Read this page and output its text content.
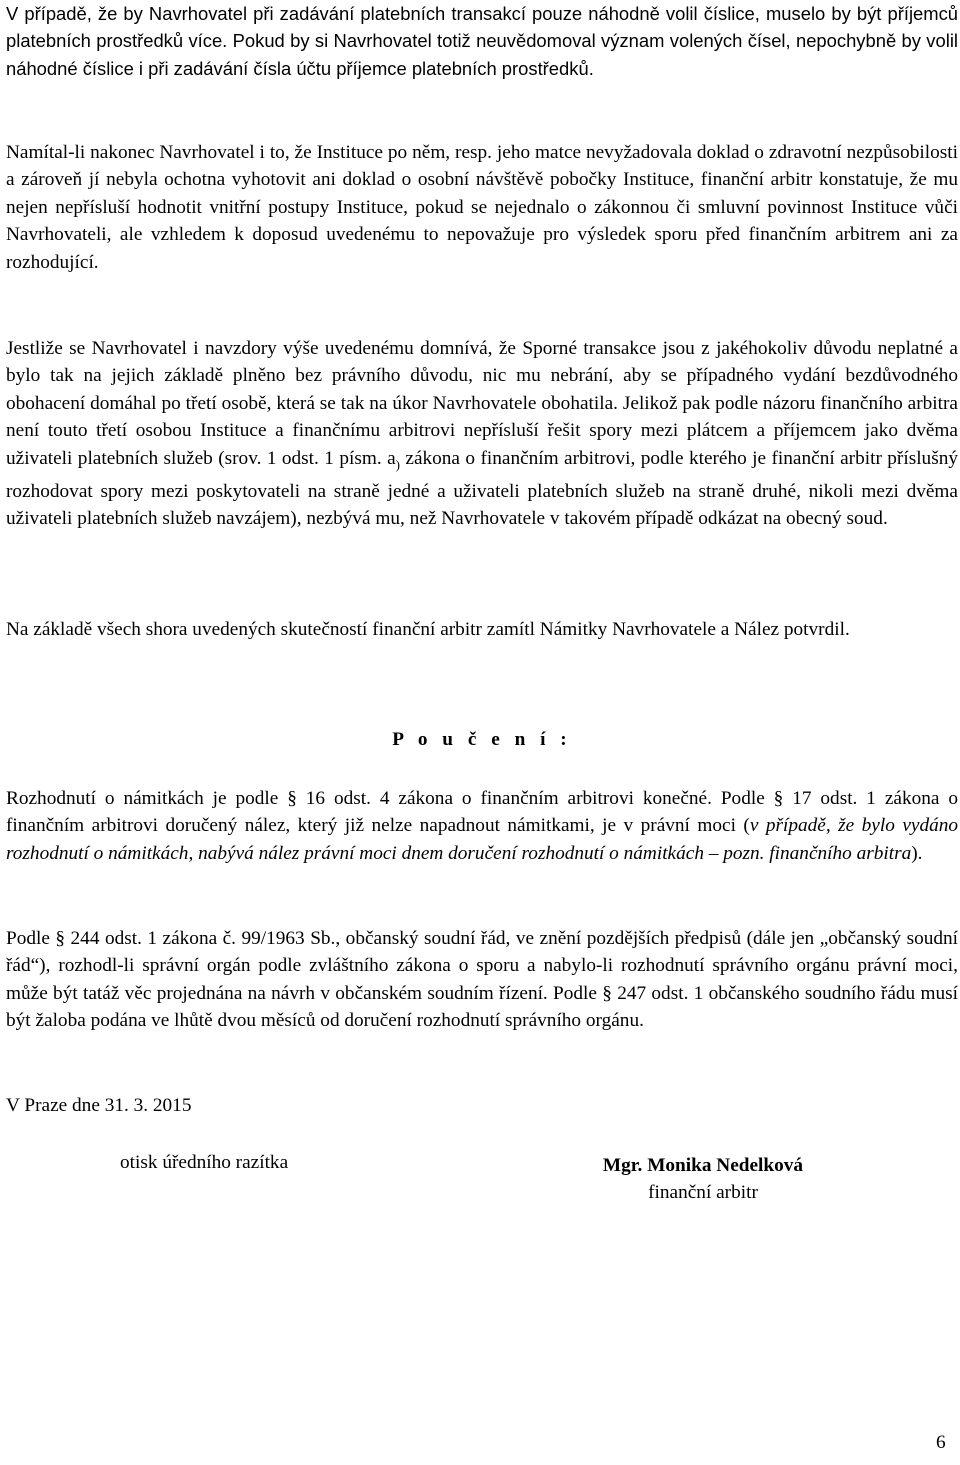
V případě, že by Navrhovatel při zadávání platebních transakcí pouze náhodně volil číslice, muselo by být příjemců platebních prostředků více. Pokud by si Navrhovatel totiž neuvědomoval význam volených čísel, nepochybně by volil náhodné číslice i při zadávání čísla účtu příjemce platebních prostředků.

Namítal-li nakonec Navrhovatel i to, že Instituce po něm, resp. jeho matce nevyžadovala doklad o zdravotní nezpůsobilosti a zároveň jí nebyla ochotna vyhotovit ani doklad o osobní návštěvě pobočky Instituce, finanční arbitr konstatuje, že mu nejen nepřísluší hodnotit vnitřní postupy Instituce, pokud se nejednalo o zákonnou či smluvní povinnost Instituce vůči Navrhovateli, ale vzhledem k doposud uvedenému to nepovažuje pro výsledek sporu před finančním arbitrem ani za rozhodující.

Jestliže se Navrhovatel i navzdory výše uvedenému domnívá, že Sporné transakce jsou z jakéhokoliv důvodu neplatné a bylo tak na jejich základě plněno bez právního důvodu, nic mu nebrání, aby se případného vydání bezdůvodného obohacení domáhal po třetí osobě, která se tak na úkor Navrhovatele obohatila. Jelikož pak podle názoru finančního arbitra není touto třetí osobou Instituce a finančnímu arbitrovi nepřísluší řešit spory mezi plátcem a příjemcem jako dvěma uživateli platebních služeb (srov. 1 odst. 1 písm. $a_)$ zákona o finančním arbitrovi, podle kterého je finanční arbitr příslušný rozhodovat spory mezi poskytovateli na straně jedné a uživateli platebních služeb na straně druhé, nikoli mezi dvěma uživateli platebních služeb navzájem), nezbývá mu, než Navrhovatele v takovém případě odkázat na obecný soud.

Na základě všech shora uvedených skutečností finanční arbitr zamítl Námitky Navrhovatele a Nález potvrdil.

P o u č e n í :

Rozhodnutí o námitkách je podle § 16 odst. 4 zákona o finančním arbitrovi konečné. Podle § 17 odst. 1 zákona o finančním arbitrovi doručený nález, který již nelze napadnout námitkami, je v právní moci (v případě, že bylo vydáno rozhodnutí o námitkách, nabývá nález právní moci dnem doručení rozhodnutí o námitkách – pozn. finančního arbitra).

Podle § 244 odst. 1 zákona č. 99/1963 Sb., občanský soudní řád, ve znění pozdějších předpisů (dále jen „občanský soudní řád“), rozhodl-li správní orgán podle zvláštního zákona o sporu a nabylo-li rozhodnutí správního orgánu právní moci, může být tatáž věc projednána na návrh v občanském soudním řízení. Podle § 247 odst. 1 občanského soudního řádu musí být žaloba podána ve lhůtě dvou měsíců od doručení rozhodnutí správního orgánu.

V Praze dne 31. 3. 2015
otisk úředního razítka	Mgr. Monika Nedelková
finanční arbitr
6
